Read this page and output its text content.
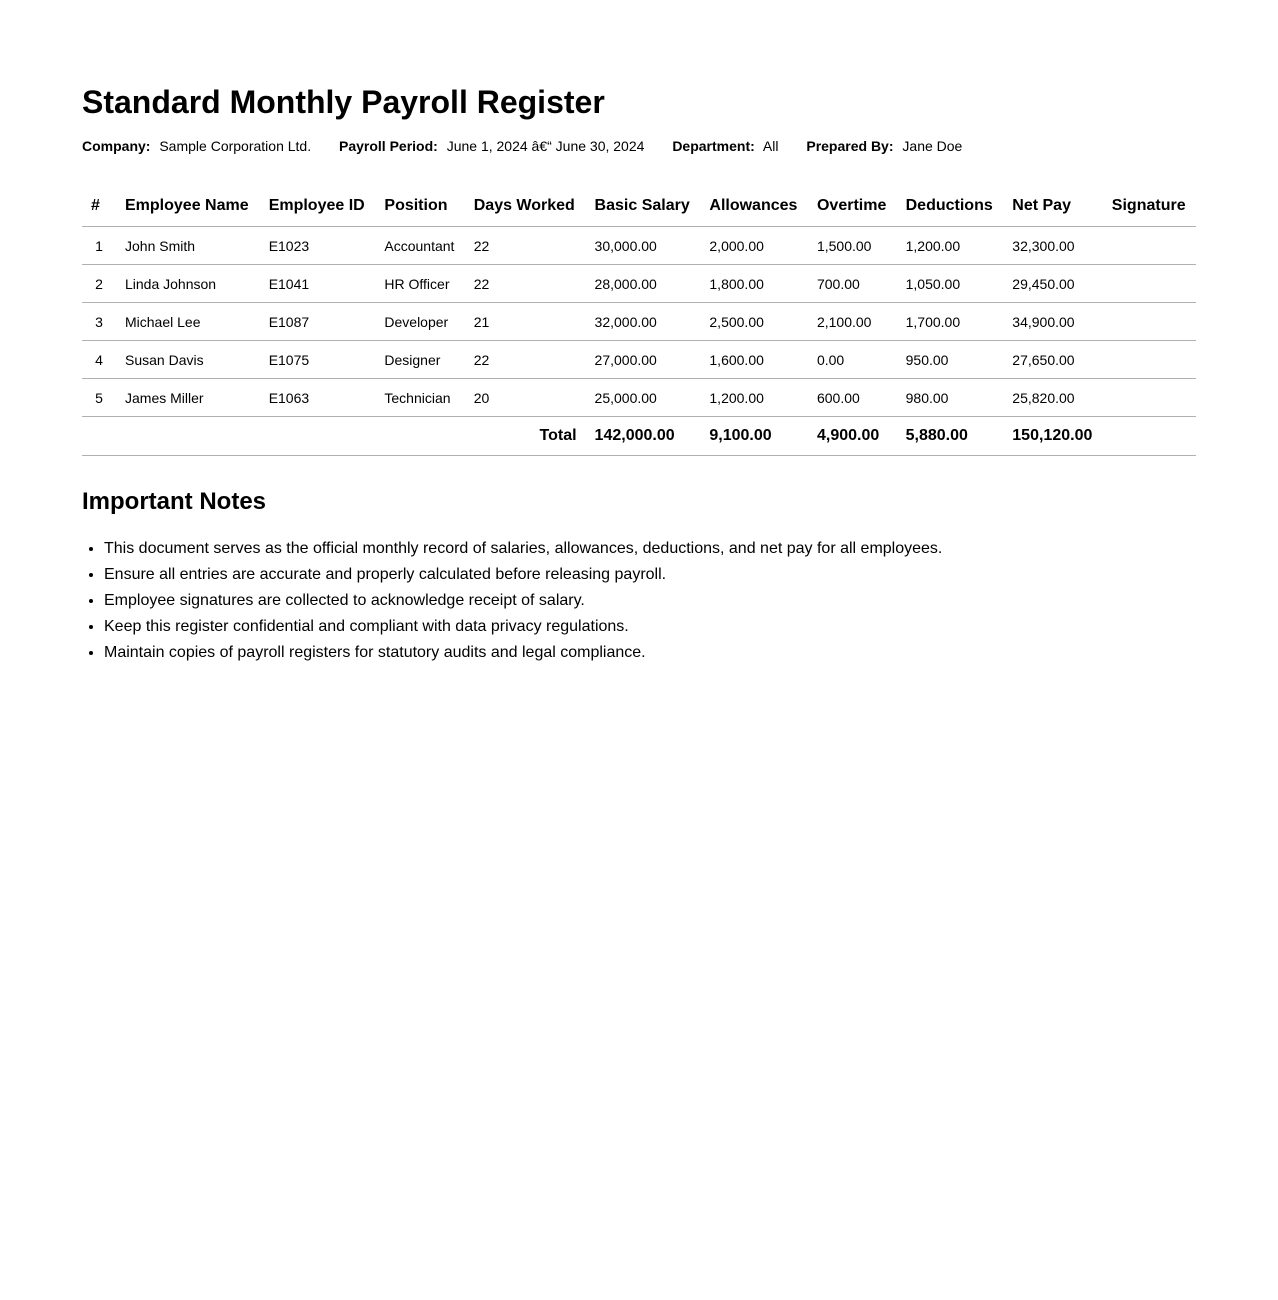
Standard Monthly Payroll Register
Company: Sample Corporation Ltd. Payroll Period: June 1, 2024 â€“ June 30, 2024 Department: All Prepared By: Jane Doe
#	Employee Name	Employee ID	Position	Days Worked	Basic Salary	Allowances	Overtime	Deductions	Net Pay	Signature
1	John Smith	E1023	Accountant	22	30,000.00	2,000.00	1,500.00	1,200.00	32,300.00	
2	Linda Johnson	E1041	HR Officer	22	28,000.00	1,800.00	700.00	1,050.00	29,450.00	
3	Michael Lee	E1087	Developer	21	32,000.00	2,500.00	2,100.00	1,700.00	34,900.00	
4	Susan Davis	E1075	Designer	22	27,000.00	1,600.00	0.00	950.00	27,650.00	
5	James Miller	E1063	Technician	20	25,000.00	1,200.00	600.00	980.00	25,820.00	
Total					142,000.00	9,100.00	4,900.00	5,880.00	150,120.00	
Important Notes
• This document serves as the official monthly record of salaries, allowances, deductions, and net pay for all employees.
• Ensure all entries are accurate and properly calculated before releasing payroll.
• Employee signatures are collected to acknowledge receipt of salary.
• Keep this register confidential and compliant with data privacy regulations.
• Maintain copies of payroll registers for statutory audits and legal compliance.
